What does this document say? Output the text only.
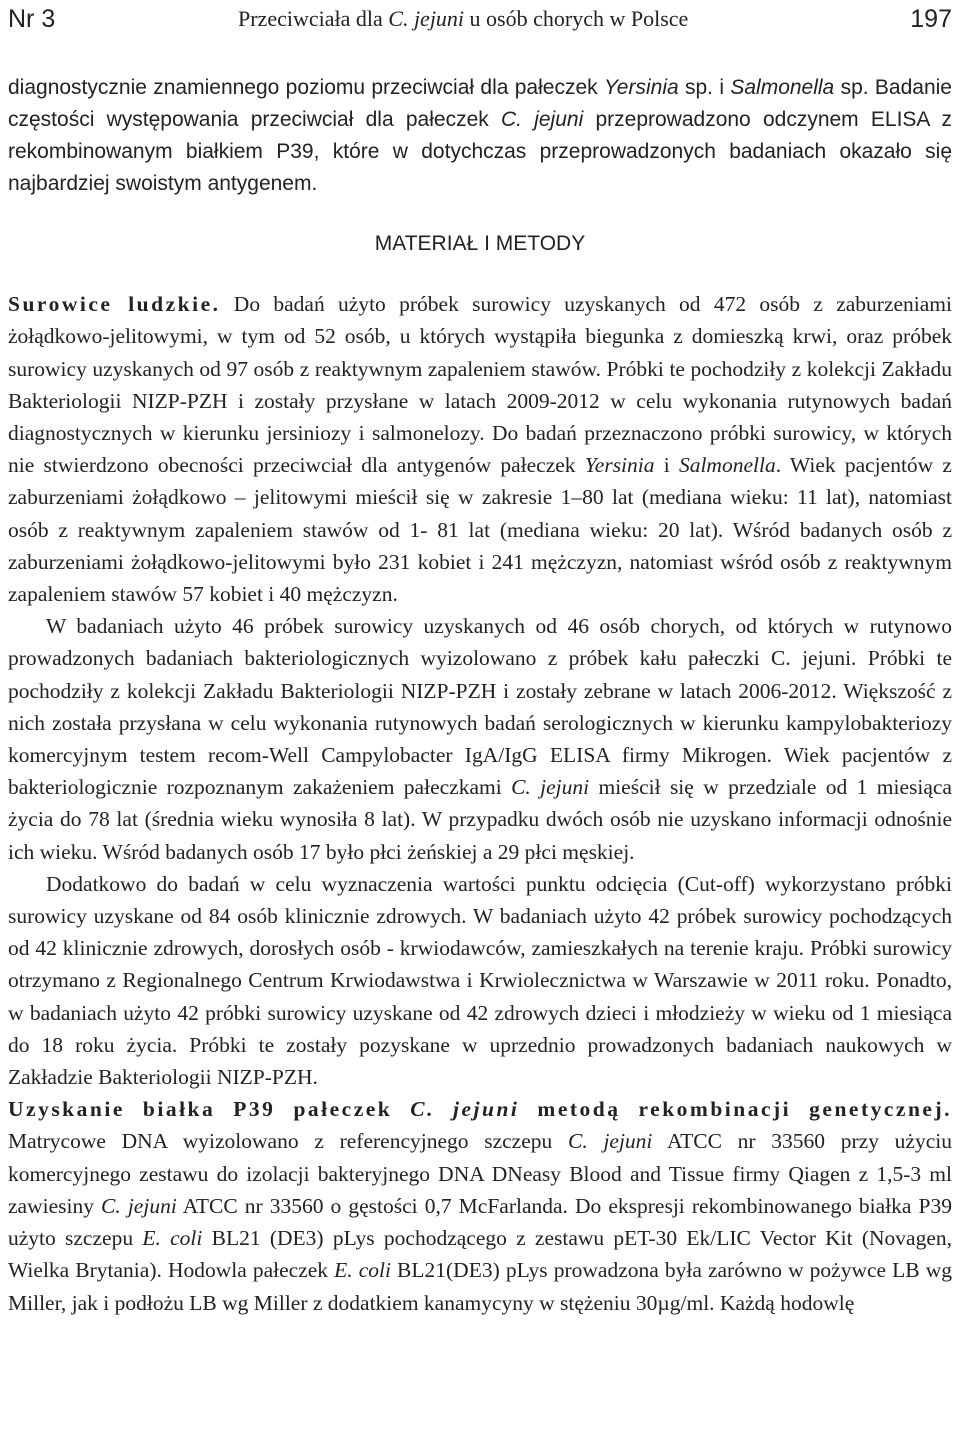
Nr 3	Przeciwciała dla C. jejuni u osób chorych w Polsce	197

diagnostycznie znamiennego poziomu przeciwciał dla pałeczek Yersinia sp. i Salmonella sp. Badanie częstości występowania przeciwciał dla pałeczek C. jejuni przeprowadzono odczynem ELISA z rekombinowanym białkiem P39, które w dotychczas przeprowadzonych badaniach okazało się najbardziej swoistym antygenem.

MATERIAŁ I METODY

Surowice ludzkie. Do badań użyto próbek surowicy uzyskanych od 472 osób z zaburzeniami żołądkowo-jelitowymi, w tym od 52 osób, u których wystąpiła biegunka z domieszką krwi, oraz próbek surowicy uzyskanych od 97 osób z reaktywnym zapaleniem stawów. Próbki te pochodziły z kolekcji Zakładu Bakteriologii NIZP-PZH i zostały przysłane w latach 2009-2012 w celu wykonania rutynowych badań diagnostycznych w kierunku jersiniozy i salmonelozy. Do badań przeznaczono próbki surowicy, w których nie stwierdzono obecności przeciwciał dla antygenów pałeczek Yersinia i Salmonella. Wiek pacjentów z zaburzeniami żołądkowo – jelitowymi mieścił się w zakresie 1–80 lat (mediana wieku: 11 lat), natomiast osób z reaktywnym zapaleniem stawów od 1- 81 lat (mediana wieku: 20 lat). Wśród badanych osób z zaburzeniami żołądkowo-jelitowymi było 231 kobiet i 241 mężczyzn, natomiast wśród osób z reaktywnym zapaleniem stawów 57 kobiet i 40 mężczyzn.

W badaniach użyto 46 próbek surowicy uzyskanych od 46 osób chorych, od których w rutynowo prowadzonych badaniach bakteriologicznych wyizolowano z próbek kału pałeczki C. jejuni. Próbki te pochodziły z kolekcji Zakładu Bakteriologii NIZP-PZH i zostały zebrane w latach 2006-2012. Większość z nich została przysłana w celu wykonania rutynowych badań serologicznych w kierunku kampylobakteriozy komercyjnym testem recom-Well Campylobacter IgA/IgG ELISA firmy Mikrogen. Wiek pacjentów z bakteriologicznie rozpoznanym zakażeniem pałeczkami C. jejuni mieścił się w przedziale od 1 miesiąca życia do 78 lat (średnia wieku wynosiła 8 lat). W przypadku dwóch osób nie uzyskano informacji odnośnie ich wieku. Wśród badanych osób 17 było płci żeńskiej a 29 płci męskiej.

Dodatkowo do badań w celu wyznaczenia wartości punktu odcięcia (Cut-off) wykorzystano próbki surowicy uzyskane od 84 osób klinicznie zdrowych. W badaniach użyto 42 próbek surowicy pochodzących od 42 klinicznie zdrowych, dorosłych osób - krwiodawców, zamieszkałych na terenie kraju. Próbki surowicy otrzymano z Regionalnego Centrum Krwiodawstwa i Krwiolecznictwa w Warszawie w 2011 roku. Ponadto, w badaniach użyto 42 próbki surowicy uzyskane od 42 zdrowych dzieci i młodzieży w wieku od 1 miesiąca do 18 roku życia. Próbki te zostały pozyskane w uprzednio prowadzonych badaniach naukowych w Zakładzie Bakteriologii NIZP-PZH.

Uzyskanie białka P39 pałeczek C. jejuni metodą rekombinacji genetycznej. Matrycowe DNA wyizolowano z referencyjnego szczepu C. jejuni ATCC nr 33560 przy użyciu komercyjnego zestawu do izolacji bakteryjnego DNA DNeasy Blood and Tissue firmy Qiagen z 1,5-3 ml zawiesiny C. jejuni ATCC nr 33560 o gęstości 0,7 McFarlanda. Do ekspresji rekombinowanego białka P39 użyto szczepu E. coli BL21 (DE3) pLys pochodzącego z zestawu pET-30 Ek/LIC Vector Kit (Novagen, Wielka Brytania). Hodowla pałeczek E. coli BL21(DE3) pLys prowadzona była zarówno w pożywce LB wg Miller, jak i podłożu LB wg Miller z dodatkiem kanamycyny w stężeniu 30µg/ml. Każdą hodowlę
